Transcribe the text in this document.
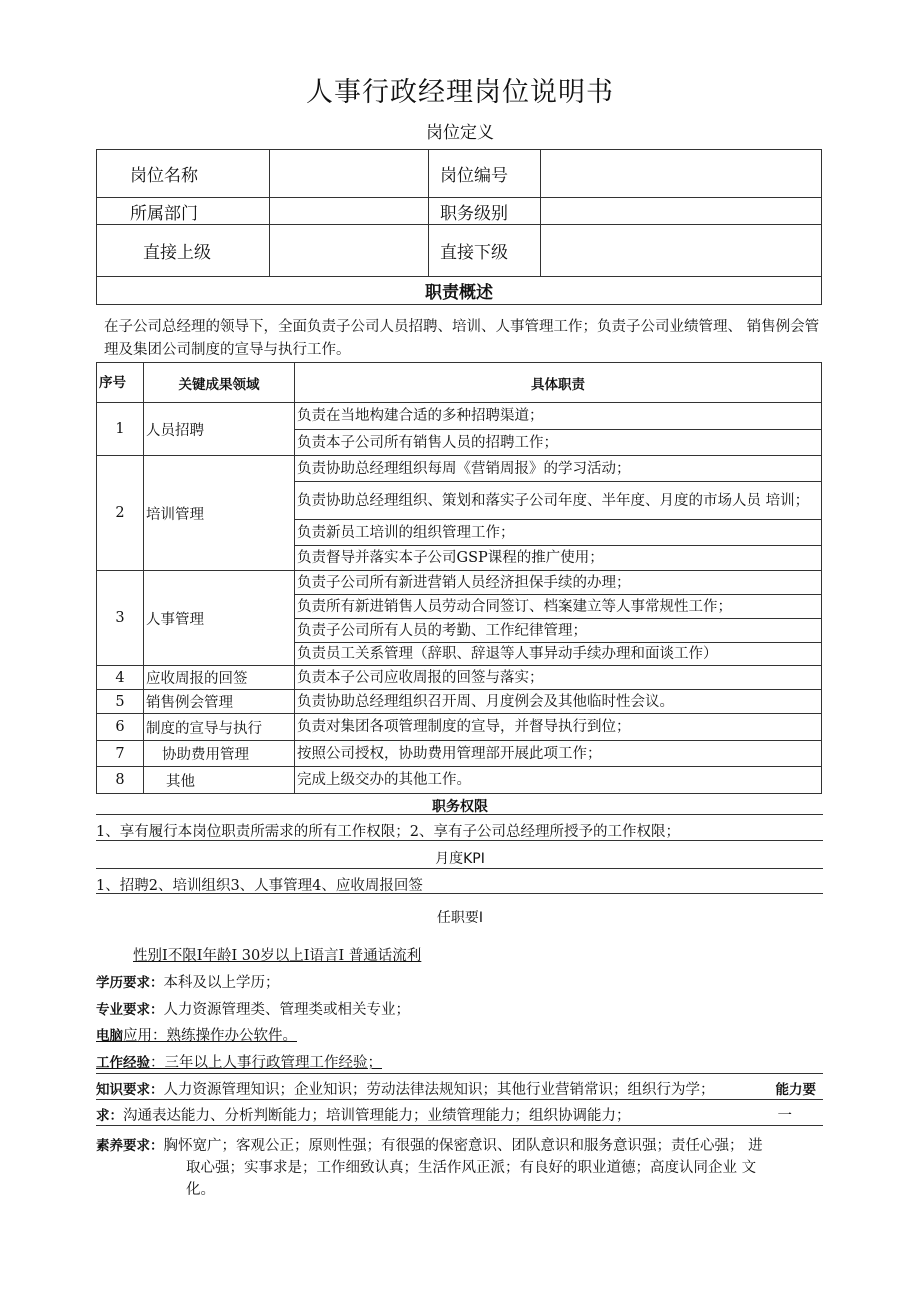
人事行政经理岗位说明书
岗位定义
岗位名称		岗位编号	
所属部门		职务级别	
直接上级		直接下级	
职责概述			
在子公司总经理的领导下，全面负责子公司人员招聘、培训、人事管理工作；负责子公司业绩管理、 销售例会管理及集团公司制度的宣导与执行工作。
序号	关键成果领域	具体职责
1	人员招聘	负责在当地构建合适的多种招聘渠道；
		负责本子公司所有销售人员的招聘工作；
2	培训管理	负责协助总经理组织每周《营销周报》的学习活动；
		负责协助总经理组织、策划和落实子公司年度、半年度、月度的市场人员 培训；
		负责新员工培训的组织管理工作；
		负责督导并落实本子公司GSP课程的推广使用；
3	人事管理	负责子公司所有新进营销人员经济担保手续的办理；
		负责所有新进销售人员劳动合同签订、档案建立等人事常规性工作；
		负责子公司所有人员的考勤、工作纪律管理；
		负责员工关系管理（辞职、辞退等人事异动手续办理和面谈工作）
4	应收周报的回签	负责本子公司应收周报的回签与落实；
5	销售例会管理	负责协助总经理组织召开周、月度例会及其他临时性会议。
6	制度的宣导与执行	负责对集团各项管理制度的宣导，并督导执行到位；
7	协助费用管理	按照公司授权，协助费用管理部开展此项工作；
8	其他	完成上级交办的其他工作。
职务权限
1、享有履行本岗位职责所需求的所有工作权限；2、享有子公司总经理所授予的工作权限；
月度KPI
1、招聘2、培训组织3、人事管理4、应收周报回签
任职要I
性别I不限I年龄I 30岁以上I语言I 普通话流利
学历要求：本科及以上学历；
专业要求：人力资源管理类、管理类或相关专业；
电脑应用：熟练操作办公软件。
工作经验：三年以上人事行政管理工作经验；
知识要求：人力资源管理知识；企业知识；劳动法律法规知识；其他行业营销常识；组织行为学；	能力要
求：沟通表达能力、分析判断能力；培训管理能力；业绩管理能力；组织协调能力；	一
素养要求：胸怀宽广；客观公正；原则性强；有很强的保密意识、团队意识和服务意识强；责任心强； 进
取心强；实事求是；工作细致认真；生活作风正派；有良好的职业道德；高度认同企业 文
化。
